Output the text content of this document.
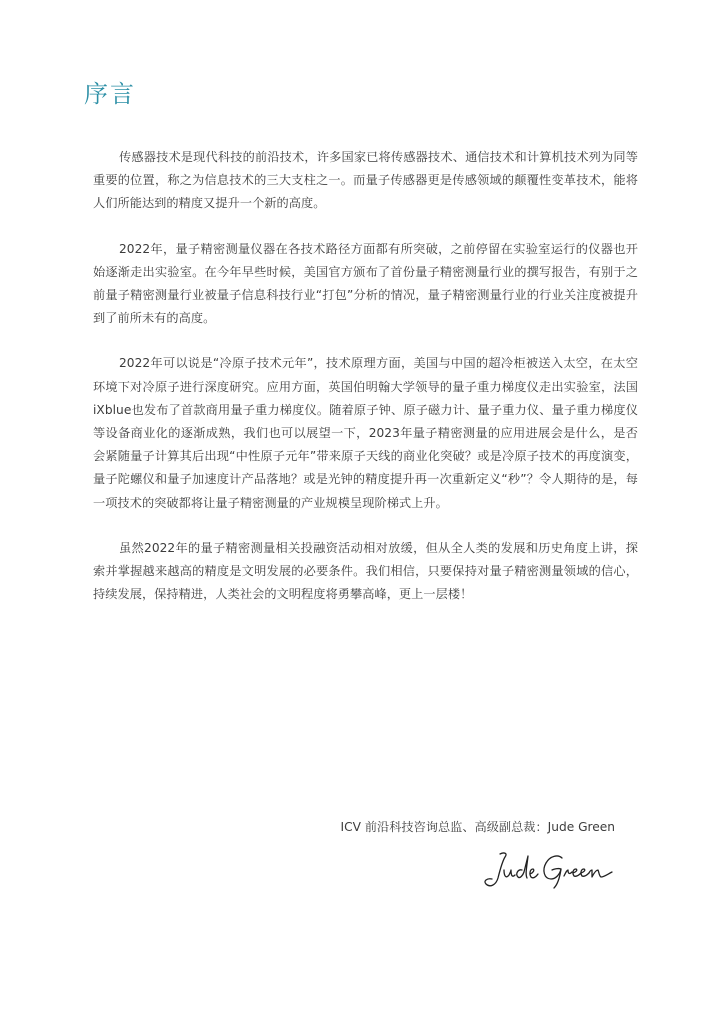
序言

传感器技术是现代科技的前沿技术，许多国家已将传感器技术、通信技术和计算机技术列为同等重要的位置，称之为信息技术的三大支柱之一。而量子传感器更是传感领域的颠覆性变革技术，能将人们所能达到的精度又提升一个新的高度。

2022年，量子精密测量仪器在各技术路径方面都有所突破，之前停留在实验室运行的仪器也开始逐渐走出实验室。在今年早些时候，美国官方颁布了首份量子精密测量行业的撰写报告，有别于之前量子精密测量行业被量子信息科技行业“打包”分析的情况，量子精密测量行业的行业关注度被提升到了前所未有的高度。

2022年可以说是“冷原子技术元年”，技术原理方面，美国与中国的超冷柜被送入太空，在太空环境下对冷原子进行深度研究。应用方面，英国伯明翰大学领导的量子重力梯度仪走出实验室，法国iXblue也发布了首款商用量子重力梯度仪。随着原子钟、原子磁力计、量子重力仪、量子重力梯度仪等设备商业化的逐渐成熟，我们也可以展望一下，2023年量子精密测量的应用进展会是什么，是否会紧随量子计算其后出现“中性原子元年”带来原子天线的商业化突破？或是冷原子技术的再度演变，量子陀螺仪和量子加速度计产品落地？或是光钟的精度提升再一次重新定义“秒”？令人期待的是，每一项技术的突破都将让量子精密测量的产业规模呈现阶梯式上升。

虽然2022年的量子精密测量相关投融资活动相对放缓，但从全人类的发展和历史角度上讲，探索并掌握越来越高的精度是文明发展的必要条件。我们相信，只要保持对量子精密测量领域的信心，持续发展，保持精进，人类社会的文明程度将勇攀高峰，更上一层楼！

ICV 前沿科技咨询总监、高级副总裁：Jude Green
